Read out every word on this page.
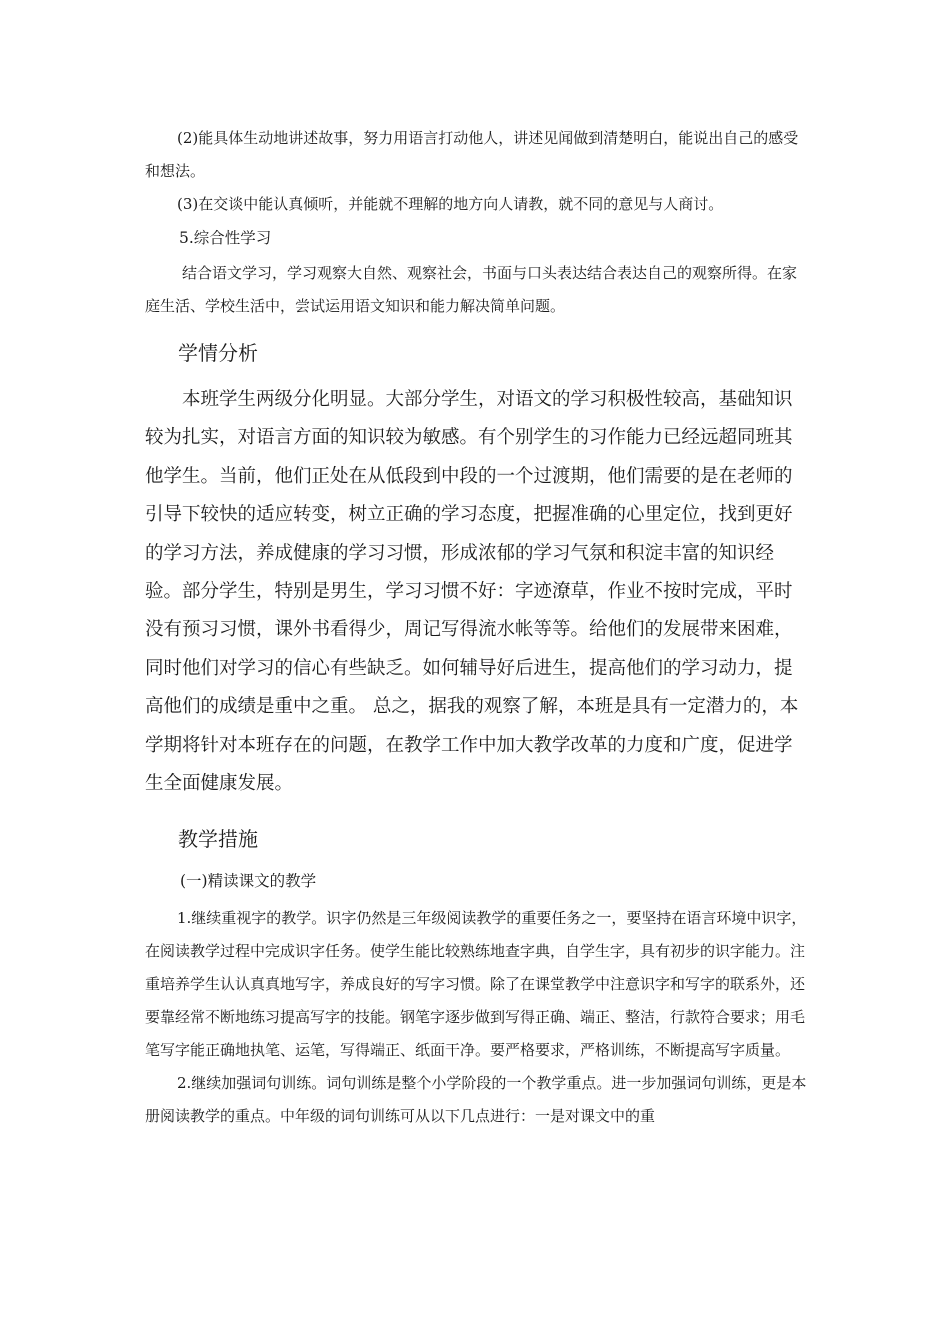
(2)能具体生动地讲述故事，努力用语言打动他人，讲述见闻做到清楚明白，能说出自己的感受和想法。

(3)在交谈中能认真倾听，并能就不理解的地方向人请教，就不同的意见与人商讨。

5.综合性学习

结合语文学习，学习观察大自然、观察社会，书面与口头表达结合表达自己的观察所得。在家庭生活、学校生活中，尝试运用语文知识和能力解决简单问题。

学情分析

本班学生两级分化明显。大部分学生，对语文的学习积极性较高，基础知识较为扎实，对语言方面的知识较为敏感。有个别学生的习作能力已经远超同班其他学生。当前，他们正处在从低段到中段的一个过渡期，他们需要的是在老师的引导下较快的适应转变，树立正确的学习态度，把握准确的心里定位，找到更好的学习方法，养成健康的学习习惯，形成浓郁的学习气氛和积淀丰富的知识经验。部分学生，特别是男生，学习习惯不好：字迹潦草，作业不按时完成，平时没有预习习惯，课外书看得少，周记写得流水帐等等。给他们的发展带来困难，同时他们对学习的信心有些缺乏。如何辅导好后进生，提高他们的学习动力，提高他们的成绩是重中之重。 总之，据我的观察了解，本班是具有一定潜力的，本学期将针对本班存在的问题，在教学工作中加大教学改革的力度和广度，促进学生全面健康发展。

教学措施

(一)精读课文的教学

1.继续重视字的教学。识字仍然是三年级阅读教学的重要任务之一，要坚持在语言环境中识字，在阅读教学过程中完成识字任务。使学生能比较熟练地查字典，自学生字，具有初步的识字能力。注重培养学生认认真真地写字，养成良好的写字习惯。除了在课堂教学中注意识字和写字的联系外，还要靠经常不断地练习提高写字的技能。钢笔字逐步做到写得正确、端正、整洁，行款符合要求；用毛笔写字能正确地执笔、运笔，写得端正、纸面干净。要严格要求，严格训练，不断提高写字质量。

2.继续加强词句训练。词句训练是整个小学阶段的一个教学重点。进一步加强词句训练，更是本册阅读教学的重点。中年级的词句训练可从以下几点进行：一是对课文中的重
